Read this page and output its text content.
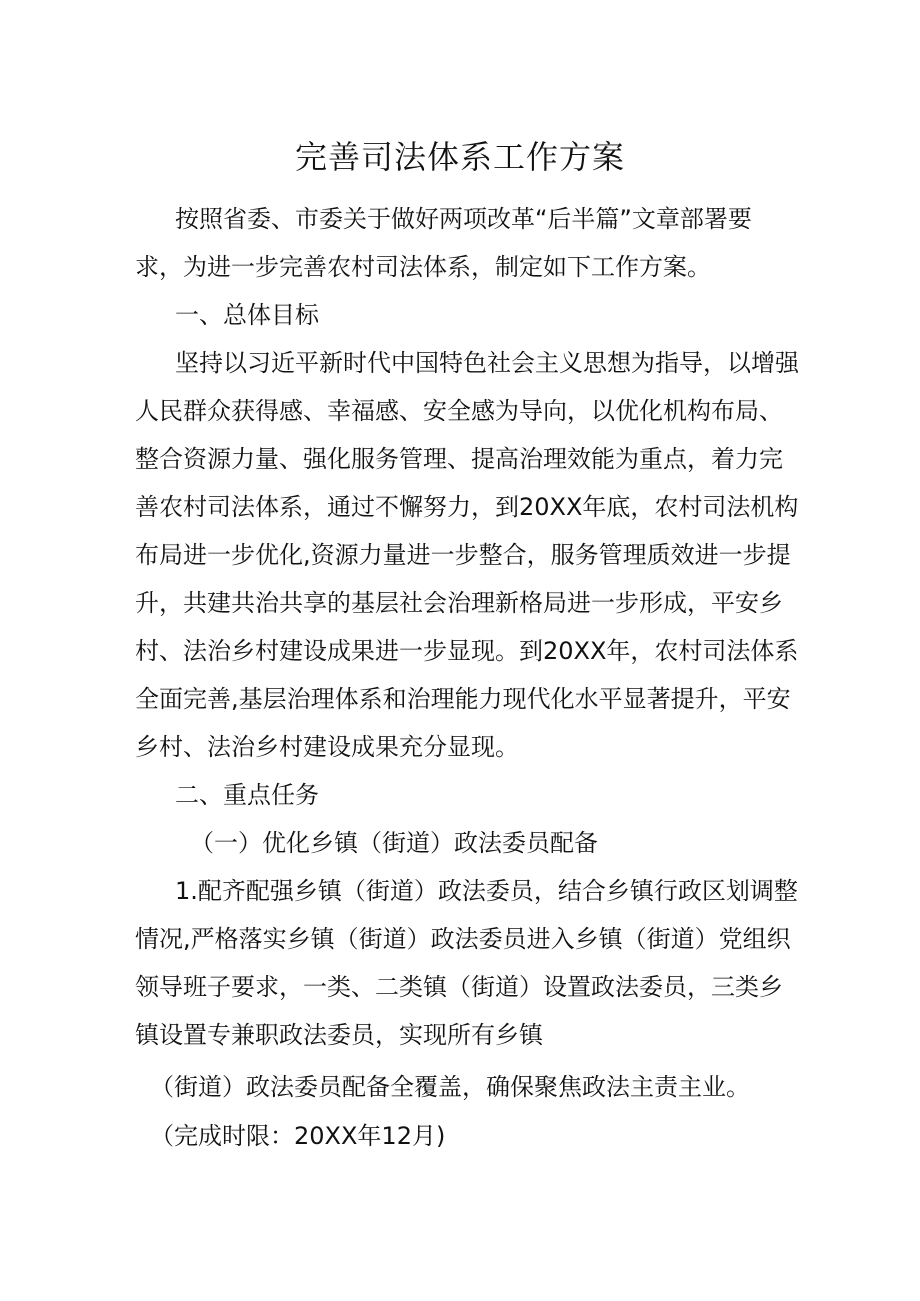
完善司法体系工作方案
按照省委、市委关于做好两项改革“后半篇”文章部署要
求，为进一步完善农村司法体系，制定如下工作方案。
一、总体目标
坚持以习近平新时代中国特色社会主义思想为指导，以增强
人民群众获得感、幸福感、安全感为导向，以优化机构布局、
整合资源力量、强化服务管理、提高治理效能为重点，着力完
善农村司法体系，通过不懈努力，到20XX年底，农村司法机构
布局进一步优化,资源力量进一步整合，服务管理质效进一步提
升，共建共治共享的基层社会治理新格局进一步形成，平安乡
村、法治乡村建设成果进一步显现。到20XX年，农村司法体系
全面完善,基层治理体系和治理能力现代化水平显著提升，平安
乡村、法治乡村建设成果充分显现。
二、重点任务
（一）优化乡镇（街道）政法委员配备
1.配齐配强乡镇（街道）政法委员，结合乡镇行政区划调整
情况,严格落实乡镇（街道）政法委员进入乡镇（街道）党组织
领导班子要求，一类、二类镇（街道）设置政法委员，三类乡
镇设置专兼职政法委员，实现所有乡镇
（街道）政法委员配备全覆盖，确保聚焦政法主责主业。
（完成时限：20XX年12月)
